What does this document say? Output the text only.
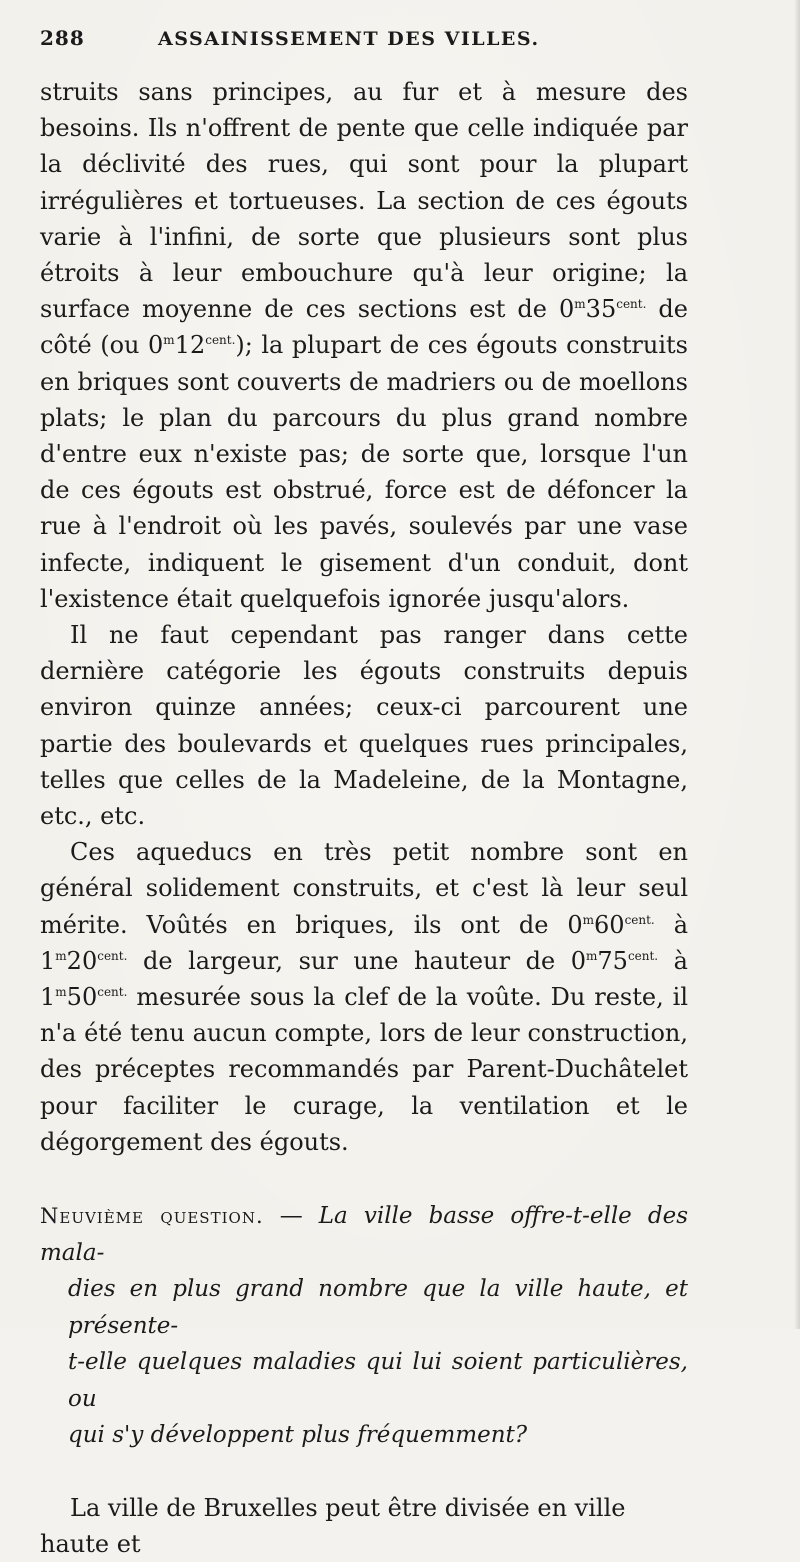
288	ASSAINISSEMENT DES VILLES.

struits sans principes, au fur et à mesure des besoins. Ils n'offrent de pente que celle indiquée par la déclivité des rues, qui sont pour la plupart irrégulières et tortueuses. La section de ces égouts varie à l'infini, de sorte que plusieurs sont plus étroits à leur embouchure qu'à leur origine; la surface moyenne de ces sections est de $0^m35^{cent.}$ de côté (ou $0^m12^{cent.}$); la plupart de ces égouts construits en briques sont couverts de madriers ou de moellons plats; le plan du parcours du plus grand nombre d'entre eux n'existe pas; de sorte que, lorsque l'un de ces égouts est obstrué, force est de défoncer la rue à l'endroit où les pavés, soulevés par une vase infecte, indiquent le gisement d'un conduit, dont l'existence était quelquefois ignorée jusqu'alors.

Il ne faut cependant pas ranger dans cette dernière catégorie les égouts construits depuis environ quinze années; ceux-ci parcourent une partie des boulevards et quelques rues principales, telles que celles de la Madeleine, de la Montagne, etc., etc.

Ces aqueducs en très petit nombre sont en général solidement construits, et c'est là leur seul mérite. Voûtés en briques, ils ont de $0^m60^{cent.}$ à $1^m20^{cent.}$ de largeur, sur une hauteur de $0^m75^{cent.}$ à $1^m50^{cent.}$ mesurée sous la clef de la voûte. Du reste, il n'a été tenu aucun compte, lors de leur construction, des préceptes recommandés par Parent-Duchâtelet pour faciliter le curage, la ventilation et le dégorgement des égouts.

Neuvième question. — La ville basse offre-t-elle des mala-
dies en plus grand nombre que la ville haute, et présente-
t-elle quelques maladies qui lui soient particulières, ou
qui s'y développent plus fréquemment?

La ville de Bruxelles peut être divisée en ville haute et
